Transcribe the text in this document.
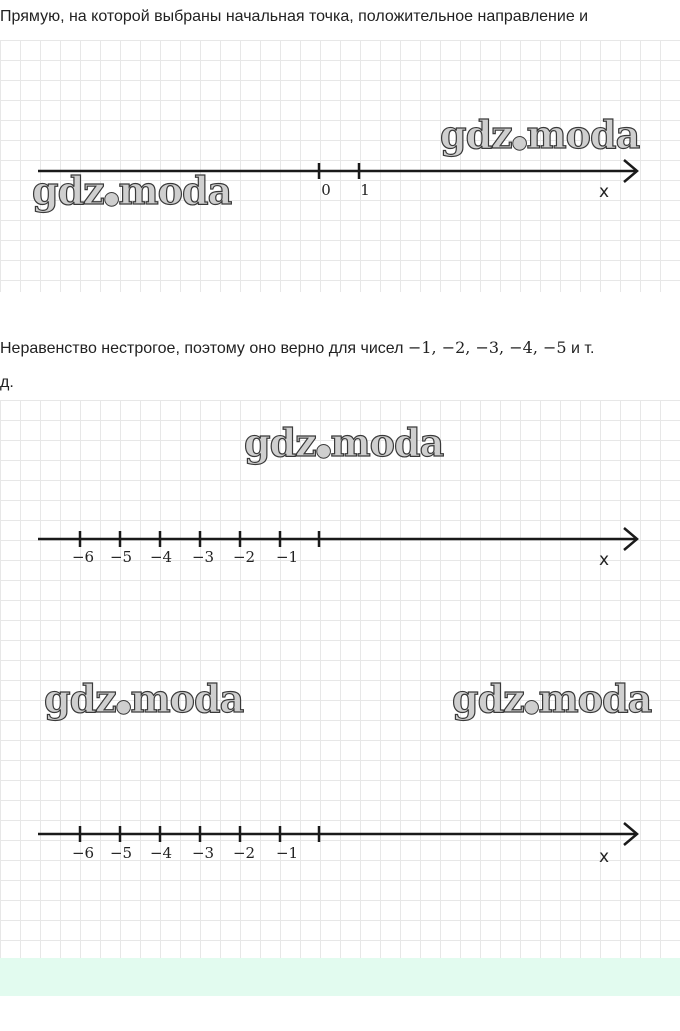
Прямую, на которой выбраны начальная точка, положительное направление и
gdz●moda
gdz●moda	0 1	x
Неравенство нестрогое, поэтому оно верно для чисел −1, −2, −3, −4, −5 и т.
д.
gdz●moda
−6 −5 −4 −3 −2 −1	x
gdz●moda	gdz●moda
−6 −5 −4 −3 −2 −1	x
